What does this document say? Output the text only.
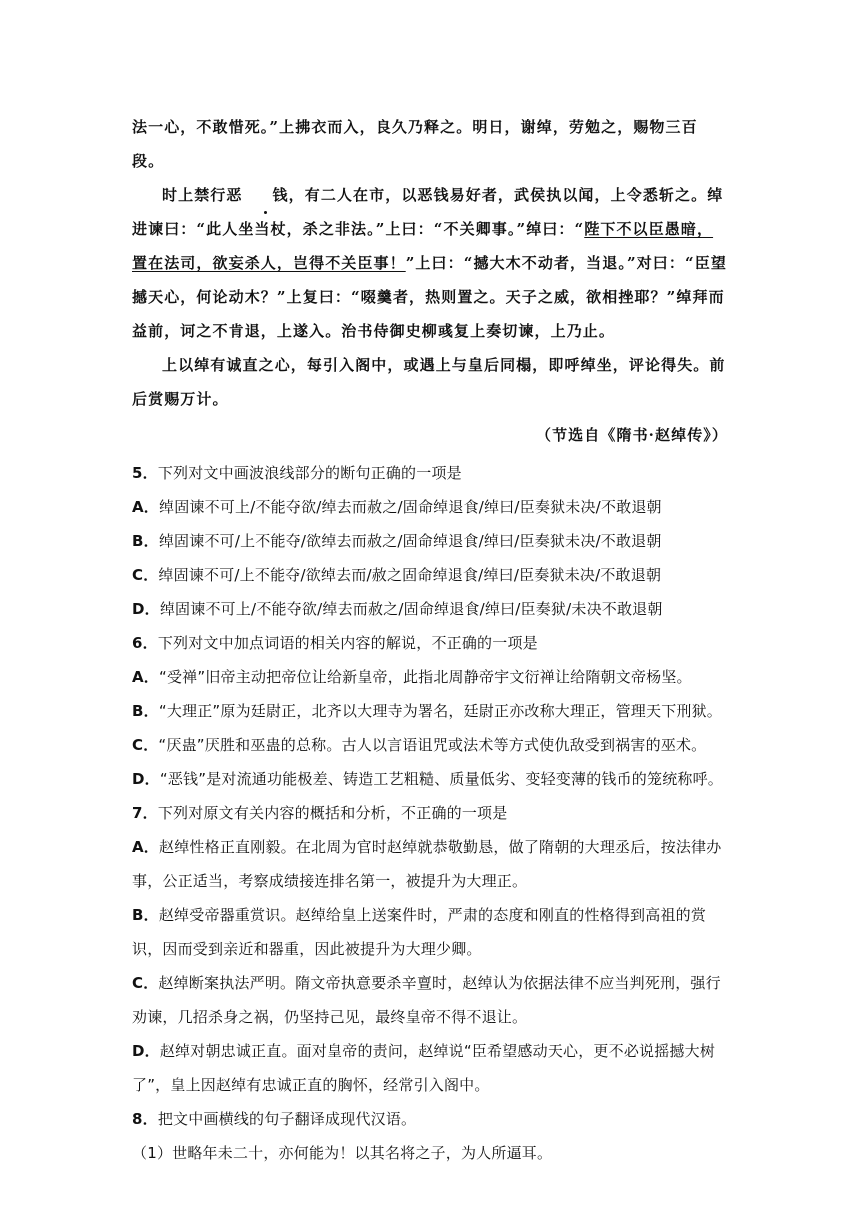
法一心，不敢惜死。”上拂衣而入，良久乃释之。明日，谢绰，劳勉之，赐物三百段。

时上禁行恶 钱，有二人在市，以恶钱易好者，武侯执以闻，上令悉斩之。绰进谏曰：“此人坐当杖，杀之非法。”上曰：“不关卿事。”绰曰：“陛下不以臣愚暗，置在法司，欲妄杀人，岂得不关臣事！”上曰：“撼大木不动者，当退。”对曰：“臣望撼天心，何论动木？”上复曰：“啜羹者，热则置之。天子之威，欲相挫耶？”绰拜而益前，诃之不肯退，上遂入。治书侍御史柳彧复上奏切谏，上乃止。

上以绰有诚直之心，每引入阁中，或遇上与皇后同榻，即呼绰坐，评论得失。前后赏赐万计。

（节选自《隋书·赵绰传》）

5．下列对文中画波浪线部分的断句正确的一项是

A．绰固谏不可上/不能夺欲/绰去而赦之/固命绰退食/绰曰/臣奏狱未决/不敢退朝

B．绰固谏不可/上不能夺/欲绰去而赦之/固命绰退食/绰曰/臣奏狱未决/不敢退朝

C．绰固谏不可/上不能夺/欲绰去而/赦之固命绰退食/绰曰/臣奏狱未决/不敢退朝

D．绰固谏不可上/不能夺欲/绰去而赦之/固命绰退食/绰曰/臣奏狱/未决不敢退朝

6．下列对文中加点词语的相关内容的解说，不正确的一项是

A．“受禅”旧帝主动把帝位让给新皇帝，此指北周静帝宇文衍禅让给隋朝文帝杨坚。

B．“大理正”原为廷尉正，北齐以大理寺为署名，廷尉正亦改称大理正，管理天下刑狱。

C．“厌蛊”厌胜和巫蛊的总称。古人以言语诅咒或法术等方式使仇敌受到祸害的巫术。

D．“恶钱”是对流通功能极差、铸造工艺粗糙、质量低劣、变轻变薄的钱币的笼统称呼。

7．下列对原文有关内容的概括和分析，不正确的一项是

A．赵绰性格正直刚毅。在北周为官时赵绰就恭敬勤恳，做了隋朝的大理丞后，按法律办事，公正适当，考察成绩接连排名第一，被提升为大理正。

B．赵绰受帝器重赏识。赵绰给皇上送案件时，严肃的态度和刚直的性格得到高祖的赏识，因而受到亲近和器重，因此被提升为大理少卿。

C．赵绰断案执法严明。隋文帝执意要杀辛亶时，赵绰认为依据法律不应当判死刑，强行劝谏，几招杀身之祸，仍坚持己见，最终皇帝不得不退让。

D．赵绰对朝忠诚正直。面对皇帝的责问，赵绰说“臣希望感动天心，更不必说摇撼大树了”，皇上因赵绰有忠诚正直的胸怀，经常引入阁中。

8．把文中画横线的句子翻译成现代汉语。

（1）世略年未二十，亦何能为！以其名将之子，为人所逼耳。
